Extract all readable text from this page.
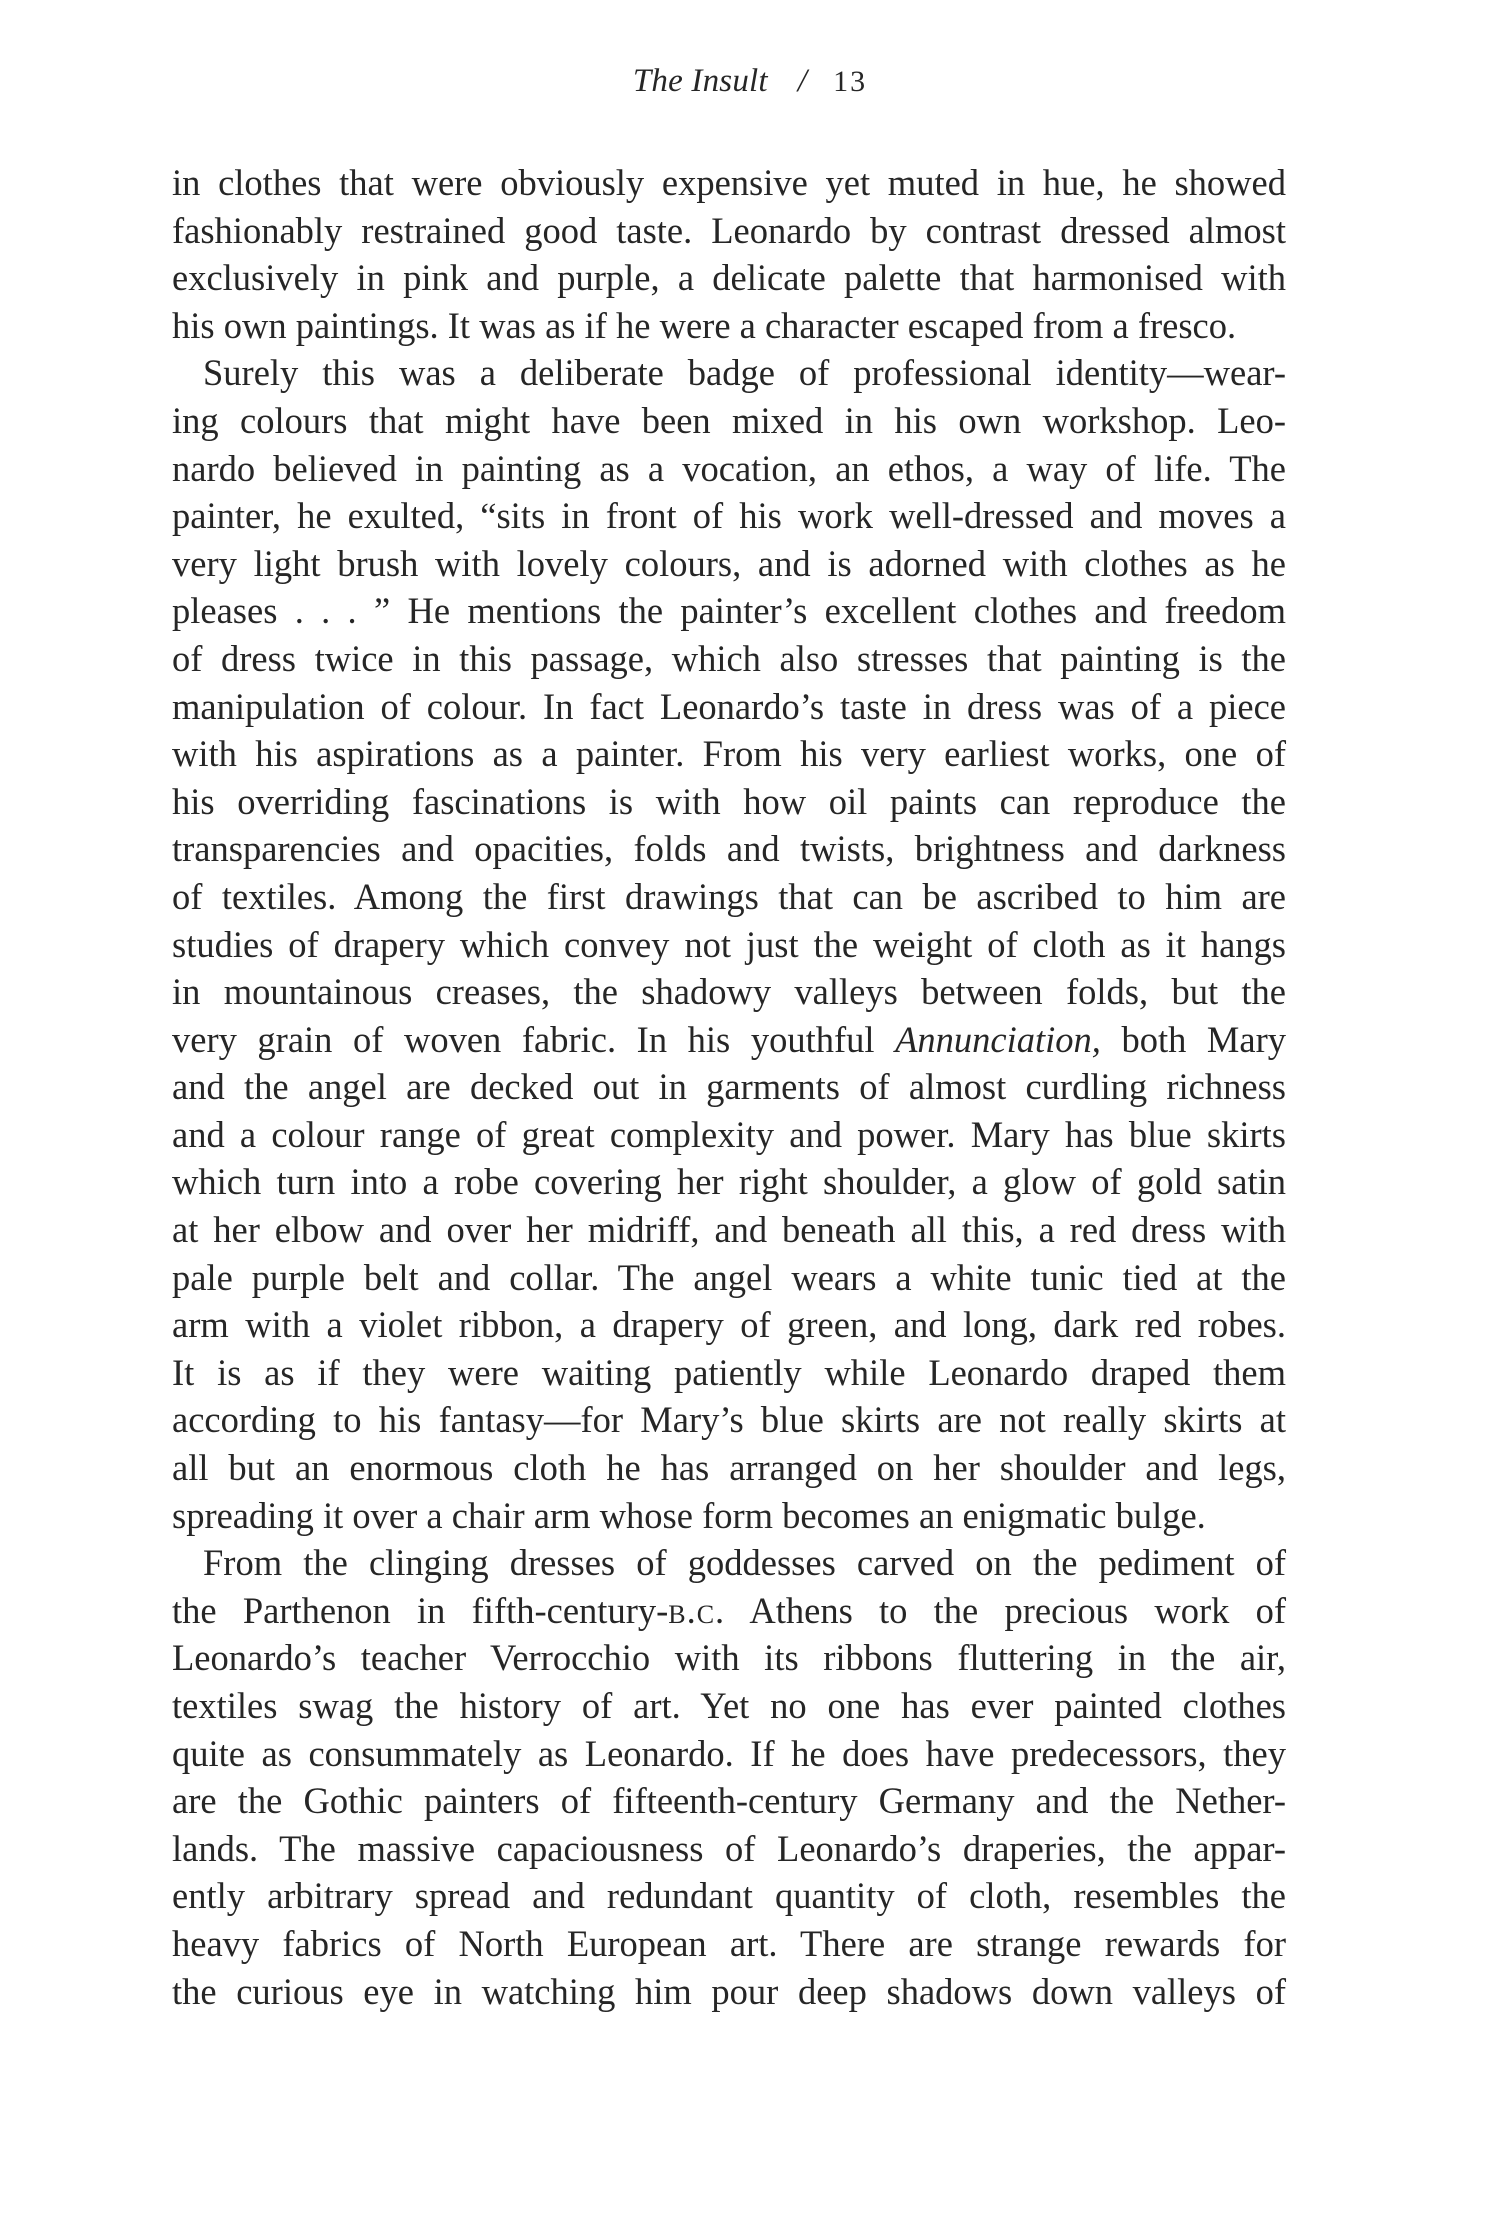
The Insult / 13

in clothes that were obviously expensive yet muted in hue, he showed
fashionably restrained good taste. Leonardo by contrast dressed almost
exclusively in pink and purple, a delicate palette that harmonised with
his own paintings. It was as if he were a character escaped from a fresco.

Surely this was a deliberate badge of professional identity—wear-
ing colours that might have been mixed in his own workshop. Leo-
nardo believed in painting as a vocation, an ethos, a way of life. The
painter, he exulted, “sits in front of his work well-dressed and moves a
very light brush with lovely colours, and is adorned with clothes as he
pleases . . . ” He mentions the painter’s excellent clothes and freedom
of dress twice in this passage, which also stresses that painting is the
manipulation of colour. In fact Leonardo’s taste in dress was of a piece
with his aspirations as a painter. From his very earliest works, one of
his overriding fascinations is with how oil paints can reproduce the
transparencies and opacities, folds and twists, brightness and darkness
of textiles. Among the first drawings that can be ascribed to him are
studies of drapery which convey not just the weight of cloth as it hangs
in mountainous creases, the shadowy valleys between folds, but the
very grain of woven fabric. In his youthful Annunciation, both Mary
and the angel are decked out in garments of almost curdling richness
and a colour range of great complexity and power. Mary has blue skirts
which turn into a robe covering her right shoulder, a glow of gold satin
at her elbow and over her midriff, and beneath all this, a red dress with
pale purple belt and collar. The angel wears a white tunic tied at the
arm with a violet ribbon, a drapery of green, and long, dark red robes.
It is as if they were waiting patiently while Leonardo draped them
according to his fantasy—for Mary’s blue skirts are not really skirts at
all but an enormous cloth he has arranged on her shoulder and legs,
spreading it over a chair arm whose form becomes an enigmatic bulge.

From the clinging dresses of goddesses carved on the pediment of
the Parthenon in fifth-century-b.c. Athens to the precious work of
Leonardo’s teacher Verrocchio with its ribbons fluttering in the air,
textiles swag the history of art. Yet no one has ever painted clothes
quite as consummately as Leonardo. If he does have predecessors, they
are the Gothic painters of fifteenth-century Germany and the Nether-
lands. The massive capaciousness of Leonardo’s draperies, the appar-
ently arbitrary spread and redundant quantity of cloth, resembles the
heavy fabrics of North European art. There are strange rewards for
the curious eye in watching him pour deep shadows down valleys of
